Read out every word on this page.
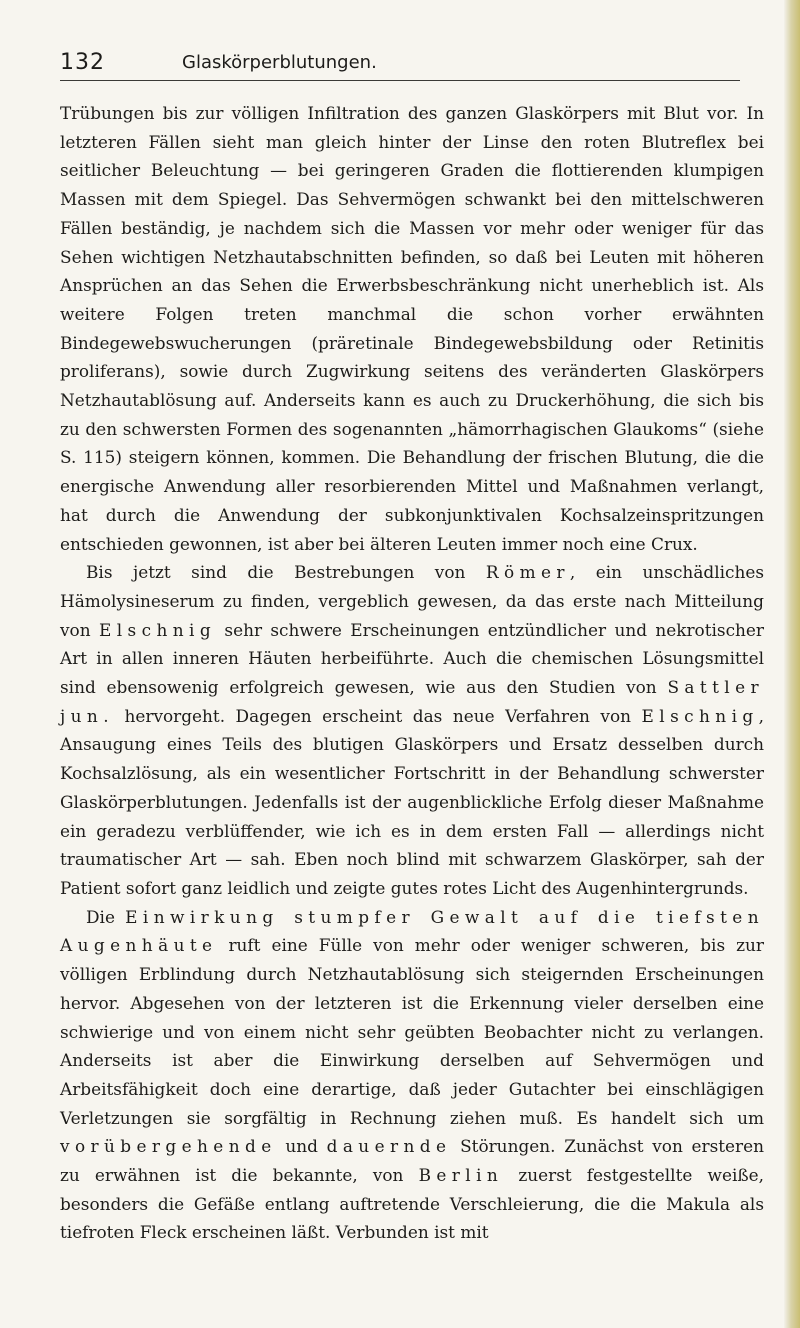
132	Glaskörperblutungen.

Trübungen bis zur völligen Infiltration des ganzen Glaskörpers mit Blut vor. In letzteren Fällen sieht man gleich hinter der Linse den roten Blutreflex bei seitlicher Beleuchtung — bei geringeren Graden die flottierenden klumpigen Massen mit dem Spiegel. Das Sehvermögen schwankt bei den mittelschweren Fällen beständig, je nachdem sich die Massen vor mehr oder weniger für das Sehen wichtigen Netzhautabschnitten befinden, so daß bei Leuten mit höheren Ansprüchen an das Sehen die Erwerbsbeschränkung nicht unerheblich ist. Als weitere Folgen treten manchmal die schon vorher erwähnten Bindegewebswucherungen (präretinale Bindegewebsbildung oder Retinitis proliferans), sowie durch Zugwirkung seitens des veränderten Glaskörpers Netzhautablösung auf. Anderseits kann es auch zu Druckerhöhung, die sich bis zu den schwersten Formen des sogenannten „hämorrhagischen Glaukoms“ (siehe S. 115) steigern können, kommen. Die Behandlung der frischen Blutung, die die energische Anwendung aller resorbierenden Mittel und Maßnahmen verlangt, hat durch die Anwendung der subkonjunktivalen Kochsalzeinspritzungen entschieden gewonnen, ist aber bei älteren Leuten immer noch eine Crux.

Bis jetzt sind die Bestrebungen von Römer, ein unschädliches Hämolysineserum zu finden, vergeblich gewesen, da das erste nach Mitteilung von Elschnig sehr schwere Erscheinungen entzündlicher und nekrotischer Art in allen inneren Häuten herbeiführte. Auch die chemischen Lösungsmittel sind ebensowenig erfolgreich gewesen, wie aus den Studien von Sattler jun. hervorgeht. Dagegen erscheint das neue Verfahren von Elschnig, Ansaugung eines Teils des blutigen Glaskörpers und Ersatz desselben durch Kochsalzlösung, als ein wesentlicher Fortschritt in der Behandlung schwerster Glaskörperblutungen. Jedenfalls ist der augenblickliche Erfolg dieser Maßnahme ein geradezu verblüffender, wie ich es in dem ersten Fall — allerdings nicht traumatischer Art — sah. Eben noch blind mit schwarzem Glaskörper, sah der Patient sofort ganz leidlich und zeigte gutes rotes Licht des Augenhintergrunds.

Die Einwirkung stumpfer Gewalt auf die tiefsten Augenhäute ruft eine Fülle von mehr oder weniger schweren, bis zur völligen Erblindung durch Netzhautablösung sich steigernden Erscheinungen hervor. Abgesehen von der letzteren ist die Erkennung vieler derselben eine schwierige und von einem nicht sehr geübten Beobachter nicht zu verlangen. Anderseits ist aber die Einwirkung derselben auf Sehvermögen und Arbeitsfähigkeit doch eine derartige, daß jeder Gutachter bei einschlägigen Verletzungen sie sorgfältig in Rechnung ziehen muß. Es handelt sich um vorübergehende und dauernde Störungen. Zunächst von ersteren zu erwähnen ist die bekannte, von Berlin zuerst festgestellte weiße, besonders die Gefäße entlang auftretende Verschleierung, die die Makula als tiefroten Fleck erscheinen läßt. Verbunden ist mit
